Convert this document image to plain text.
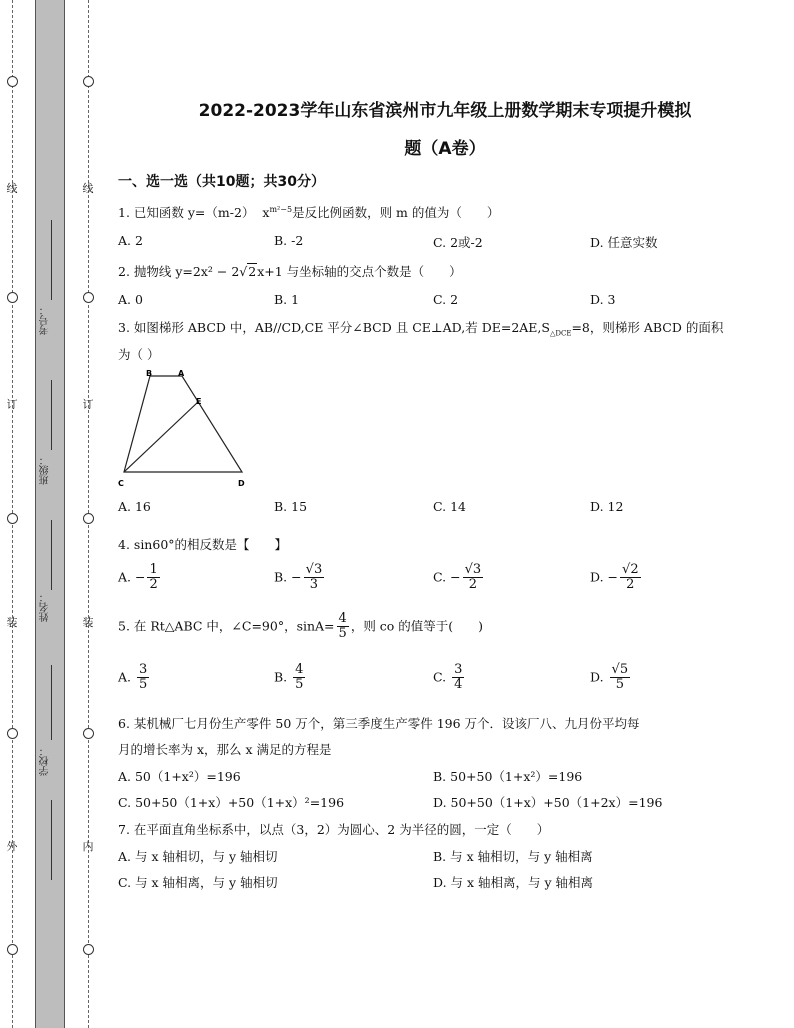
线
订
装
外
线
订
装
内
考号：
班级：
姓名：
学校：
2022-2023学年山东省滨州市九年级上册数学期末专项提升模拟
题（A卷）
一、选一选（共10题；共30分）
1. 已知函数 y=（m-2） $x^{m^2-5}$是反比例函数，则 m 的值为（　　）
A. 2	B. -2	C. 2或-2	D. 任意实数
2. 抛物线 y=2x² − 2√2x+1 与坐标轴的交点个数是（　　）
A. 0	B. 1	C. 2	D. 3
3. 如图梯形 ABCD 中，AB//CD,CE 平分∠BCD 且 CE⊥AD,若 $DE=2AE,S_{\triangle DCE}=8$，则梯形 ABCD 的面积
为（ ）
B	A
E
C	D
A. 16	B. 15	C. 14	D. 12
4. sin60°的相反数是【　　】
A. − $\frac{1}{2}$	B. − $\frac{√3}{3}$	C. − $\frac{√3}{2}$	D. − $\frac{√2}{2}$
5. 在 Rt△ABC 中，∠C=90°，$\sin A= \frac{4}{5}$ ，则 co 的值等于(　　)
A. $\frac{3}{5}$	B. $\frac{4}{5}$	C. $\frac{3}{4}$	D. $\frac{√5}{5}$
6. 某机械厂七月份生产零件 50 万个，第三季度生产零件 196 万个．设该厂八、九月份平均每
月的增长率为 x，那么 x 满足的方程是
A. 50（1+x²）=196	B. 50+50（1+x²）=196
C. 50+50（1+x）+50（1+x）²=196	D. 50+50（1+x）+50（1+2x）=196
7. 在平面直角坐标系中，以点（3，2）为圆心、2 为半径的圆，一定（　　）
A. 与 x 轴相切，与 y 轴相切	B. 与 x 轴相切，与 y 轴相离
C. 与 x 轴相离，与 y 轴相切	D. 与 x 轴相离，与 y 轴相离
